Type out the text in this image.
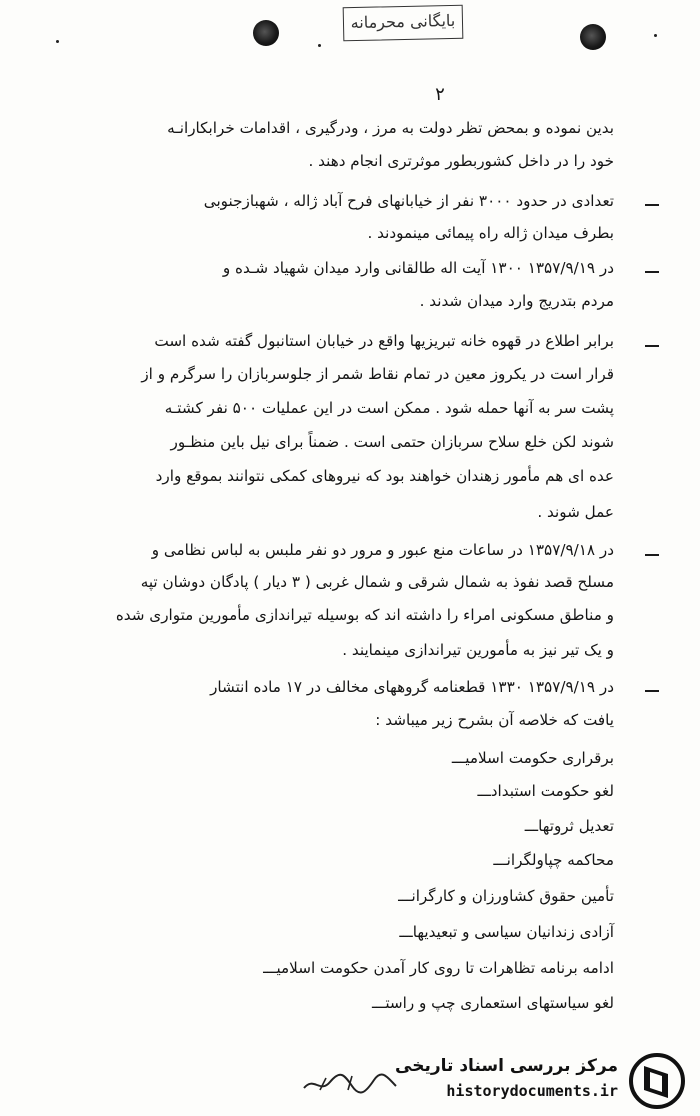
بایگانی محرمانه
۲
بدین نموده و بمحض تظر دولت به مرز ، ودرگیری ، اقدامات خرابکارانـه
خود را در داخل کشوربطور موثرتری انجام دهند .
تعدادی در حدود ۳۰۰۰ نفر از خیابانهای فرح آباد ژاله ، شهبازجنوبی
بطرف میدان ژاله راه پیمائی مینمودند .
در ۱۳۵۷/۹/۱۹ ۱۳۰۰ آیت اله طالقانی وارد میدان شهیاد شـده و
مردم بتدریج وارد میدان شدند .
برابر اطلاع در قهوه خانه تبریزیها واقع در خیابان استانبول گفته شده است
قرار است در یکروز معین در تمام نقاط شمر از جلوسربازان را سرگرم و از
پشت سر به آنها حمله شود . ممکن است در این عملیات ۵۰۰ نفر کشتـه
شوند لکن خلع سلاح سربازان حتمی است . ضمناً برای نیل باین منظـور
عده ای هم مأمور زهندان خواهند بود که نیروهای کمکی نتوانند بموقع وارد
عمل شوند .
در ۱۳۵۷/۹/۱۸ در ساعات منع عبور و مرور دو نفر ملبس به لباس نظامی و
مسلح قصد نفوذ به شمال شرقی و شمال غربی ( ۳ دیار ) پادگان دوشان تپه
و مناطق مسکونی امراء را داشته اند که بوسیله تیراندازی مأمورین متواری شده
و یک تیر نیز به مأمورین تیراندازی مینمایند .
در ۱۳۵۷/۹/۱۹ ۱۳۳۰ قطعنامه گروههای مخالف در ۱۷ ماده انتشار
یافت که خلاصه آن بشرح زیر میباشد :
برقراری حکومت اسلامیـــ
لغو حکومت استبدادـــ
تعدیل ثروتهاـــ
محاکمه چپاولگرانـــ
تأمین حقوق کشاورزان و کارگرانـــ
آزادی زندانیان سیاسی و تبعیدیهاـــ
ادامه برنامه تظاهرات تا روی کار آمدن حکومت اسلامیـــ
لغو سیاستهای استعماری چپ و راستـــ
مرکز بررسی اسناد تاریخی
historydocuments.ir
